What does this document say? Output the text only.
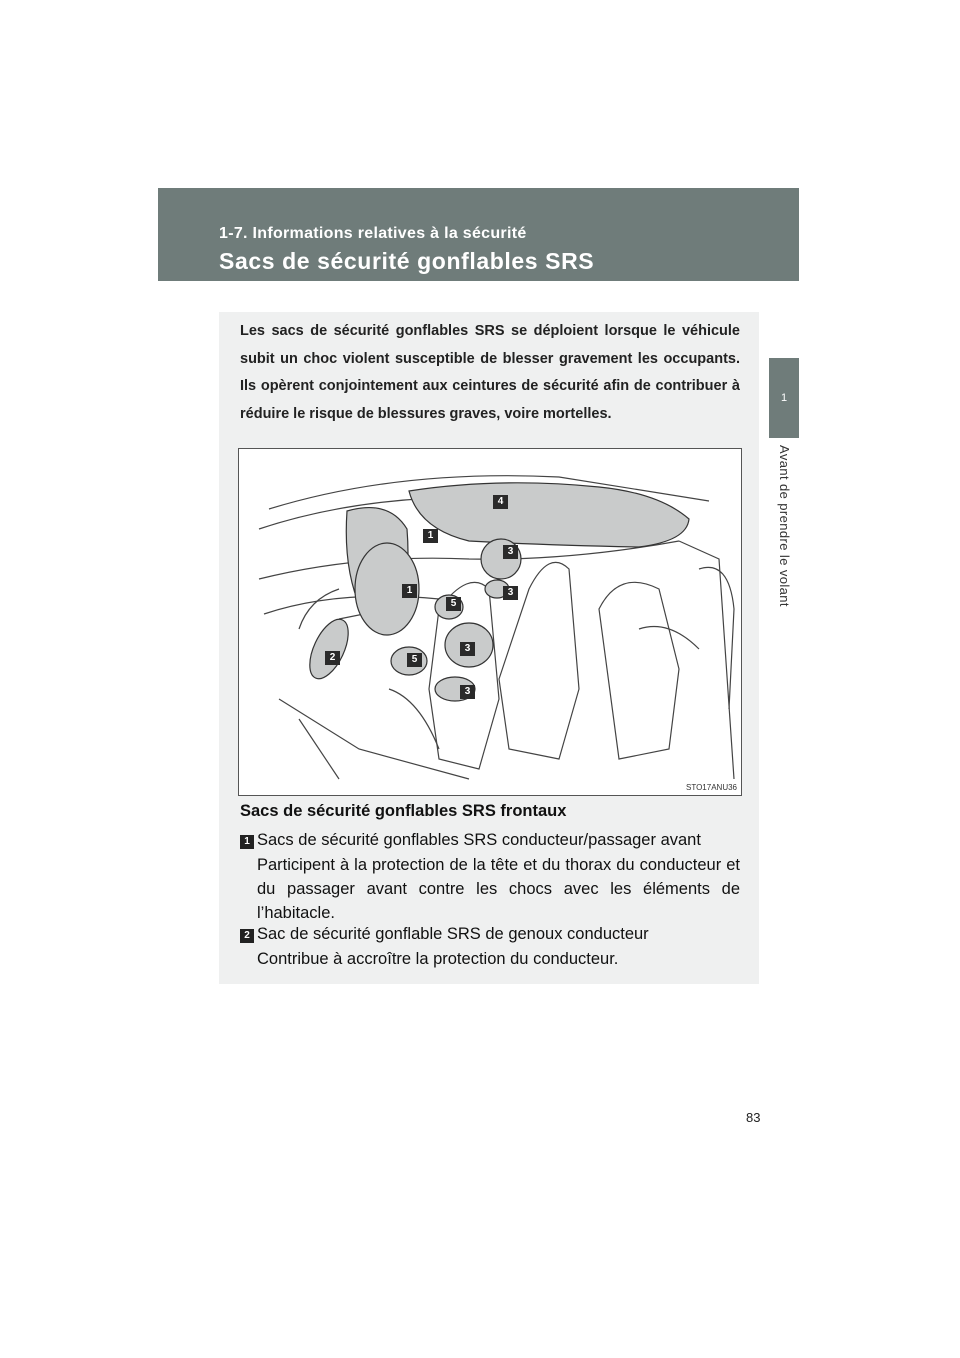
1-7. Informations relatives à la sécurité
Sacs de sécurité gonflables SRS
1
Avant de prendre le volant
Les sacs de sécurité gonflables SRS se déploient lorsque le véhicule subit un choc violent susceptible de blesser gravement les occupants. Ils opèrent conjointement aux ceintures de sécurité afin de contribuer à réduire le risque de blessures graves, voire mortelles.
4
1
3
1
5
3
3
2	5
3
STO17ANU36
Sacs de sécurité gonflables SRS frontaux
1 Sacs de sécurité gonflables SRS conducteur/passager avant
Participent à la protection de la tête et du thorax du conducteur et du passager avant contre les chocs avec les éléments de l’habitacle.
2 Sac de sécurité gonflable SRS de genoux conducteur
Contribue à accroître la protection du conducteur.
83
